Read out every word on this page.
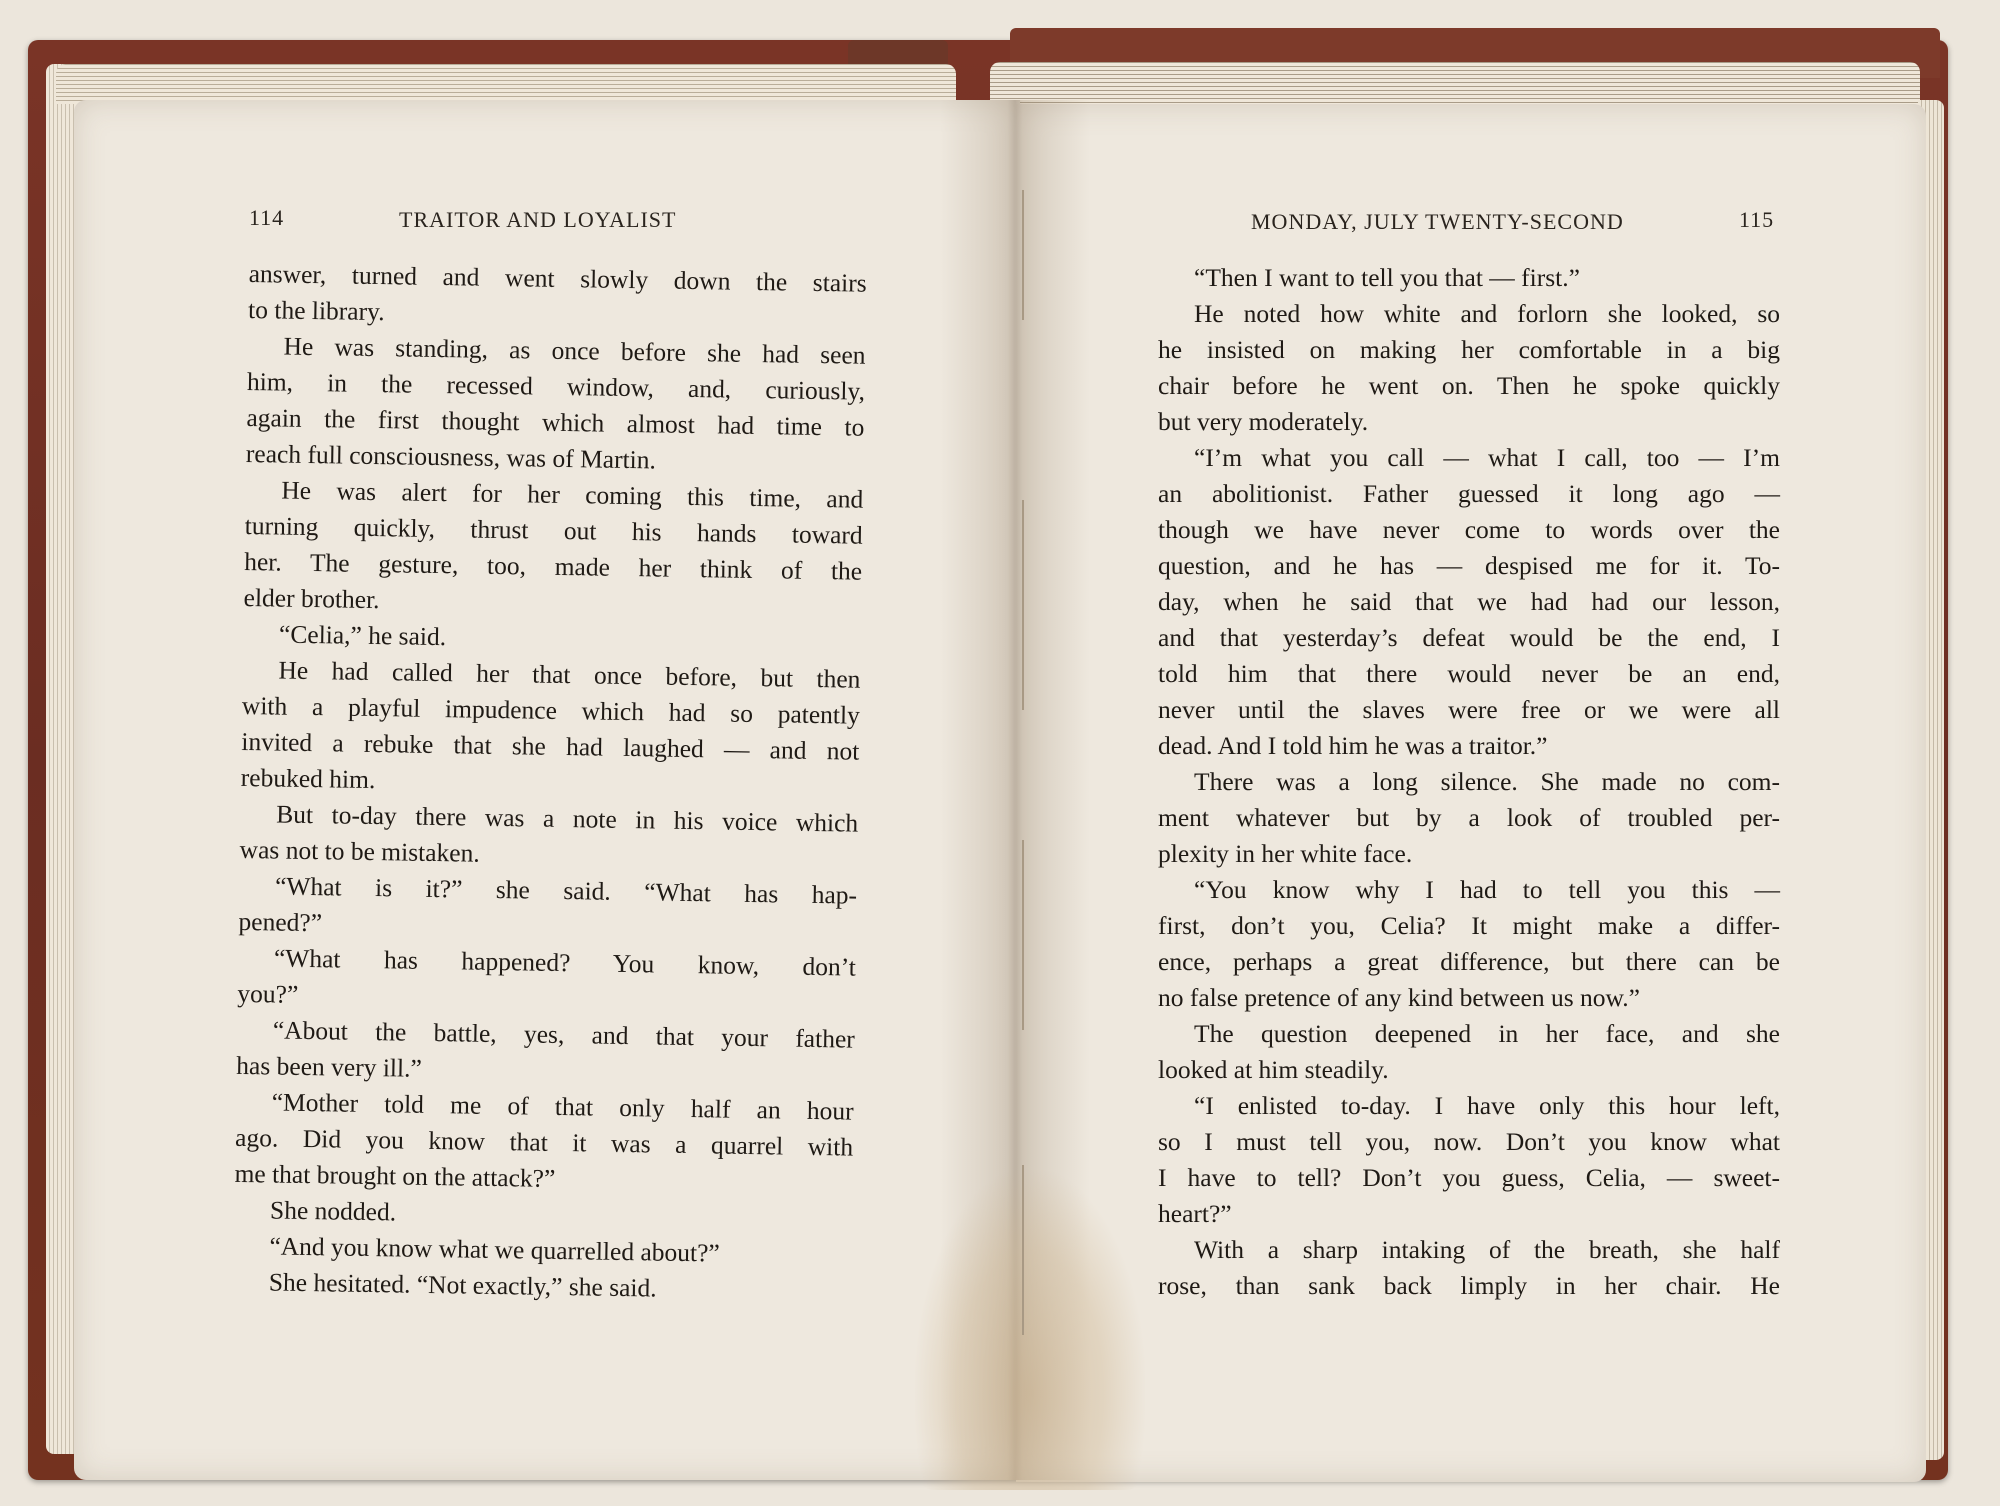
114	TRAITOR AND LOYALIST	MONDAY, JULY TWENTY-SECOND	115
answer, turned and went slowly down the stairs
to the library.
He was standing, as once before she had seen
him, in the recessed window, and, curiously,
again the first thought which almost had time to
reach full consciousness, was of Martin.
He was alert for her coming this time, and
turning quickly, thrust out his hands toward
her. The gesture, too, made her think of the
elder brother.
“Celia,” he said.
He had called her that once before, but then
with a playful impudence which had so patently
invited a rebuke that she had laughed — and not
rebuked him.
But to-day there was a note in his voice which
was not to be mistaken.
“What is it?” she said. “What has hap-
pened?”
“What has happened? You know, don’t
you?”
“About the battle, yes, and that your father
has been very ill.”
“Mother told me of that only half an hour
ago. Did you know that it was a quarrel with
me that brought on the attack?”
She nodded.
“And you know what we quarrelled about?”
She hesitated. “Not exactly,” she said.
“Then I want to tell you that — first.”
He noted how white and forlorn she looked, so
he insisted on making her comfortable in a big
chair before he went on. Then he spoke quickly
but very moderately.
“I’m what you call — what I call, too — I’m
an abolitionist. Father guessed it long ago —
though we have never come to words over the
question, and he has — despised me for it. To-
day, when he said that we had had our lesson,
and that yesterday’s defeat would be the end, I
told him that there would never be an end,
never until the slaves were free or we were all
dead. And I told him he was a traitor.”
There was a long silence. She made no com-
ment whatever but by a look of troubled per-
plexity in her white face.
“You know why I had to tell you this —
first, don’t you, Celia? It might make a differ-
ence, perhaps a great difference, but there can be
no false pretence of any kind between us now.”
The question deepened in her face, and she
looked at him steadily.
“I enlisted to-day. I have only this hour left,
so I must tell you, now. Don’t you know what
I have to tell? Don’t you guess, Celia, — sweet-
heart?”
With a sharp intaking of the breath, she half
rose, than sank back limply in her chair. He
